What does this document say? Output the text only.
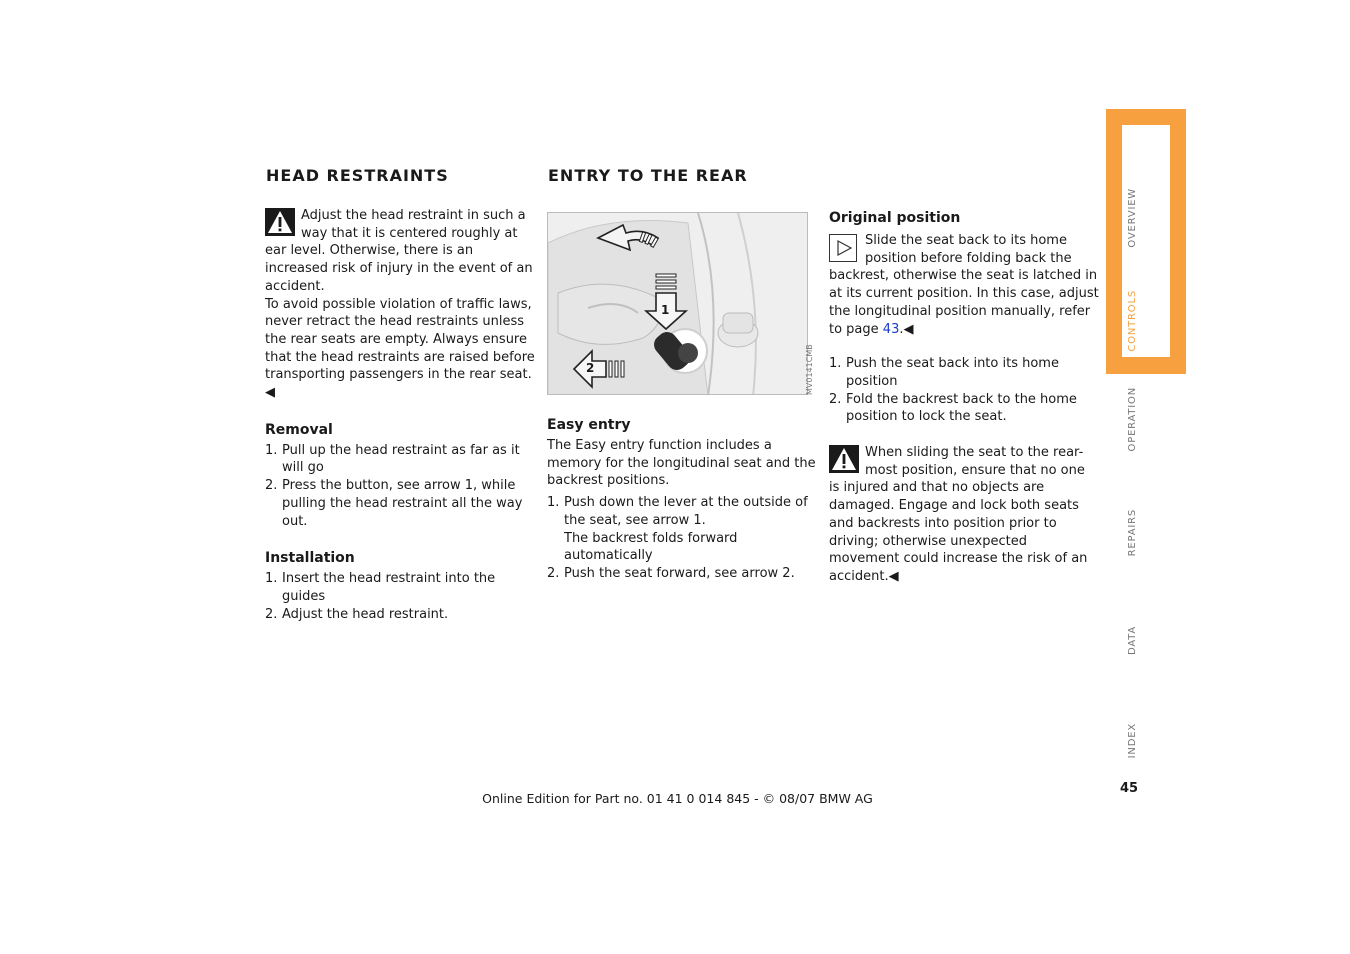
HEAD RESTRAINTS

Adjust the head restraint in such a way that it is centered roughly at ear level. Otherwise, there is an increased risk of injury in the event of an accident.

To avoid possible violation of traffic laws, never retract the head restraints unless the rear seats are empty. Always ensure that the head restraints are raised before transporting passengers in the rear seat.◀

Removal
1. Pull up the head restraint as far as it will go
2. Press the button, see arrow 1, while pulling the head restraint all the way out.
Installation
1. Insert the head restraint into the guides
2. Adjust the head restraint.
ENTRY TO THE REAR
1
2	MV0141CMB
Easy entry

The Easy entry function includes a memory for the longitudinal seat and the backrest positions.

1. Push down the lever at the outside of the seat, see arrow 1.
The backrest folds forward automatically
2. Push the seat forward, see arrow 2.
Original position

Slide the seat back to its home position before folding back the backrest, otherwise the seat is latched in at its current position. In this case, adjust the longitudinal position manually, refer to page 43.◀

1. Push the seat back into its home position
2. Fold the backrest back to the home position to lock the seat.

When sliding the seat to the rear-most position, ensure that no one is injured and that no objects are damaged. Engage and lock both seats and backrests into position prior to driving; otherwise unexpected movement could increase the risk of an accident.◀

OVERVIEW
CONTROLS
OPERATION
REPAIRS
DATA
INDEX
45
Online Edition for Part no. 01 41 0 014 845 - © 08/07 BMW AG
